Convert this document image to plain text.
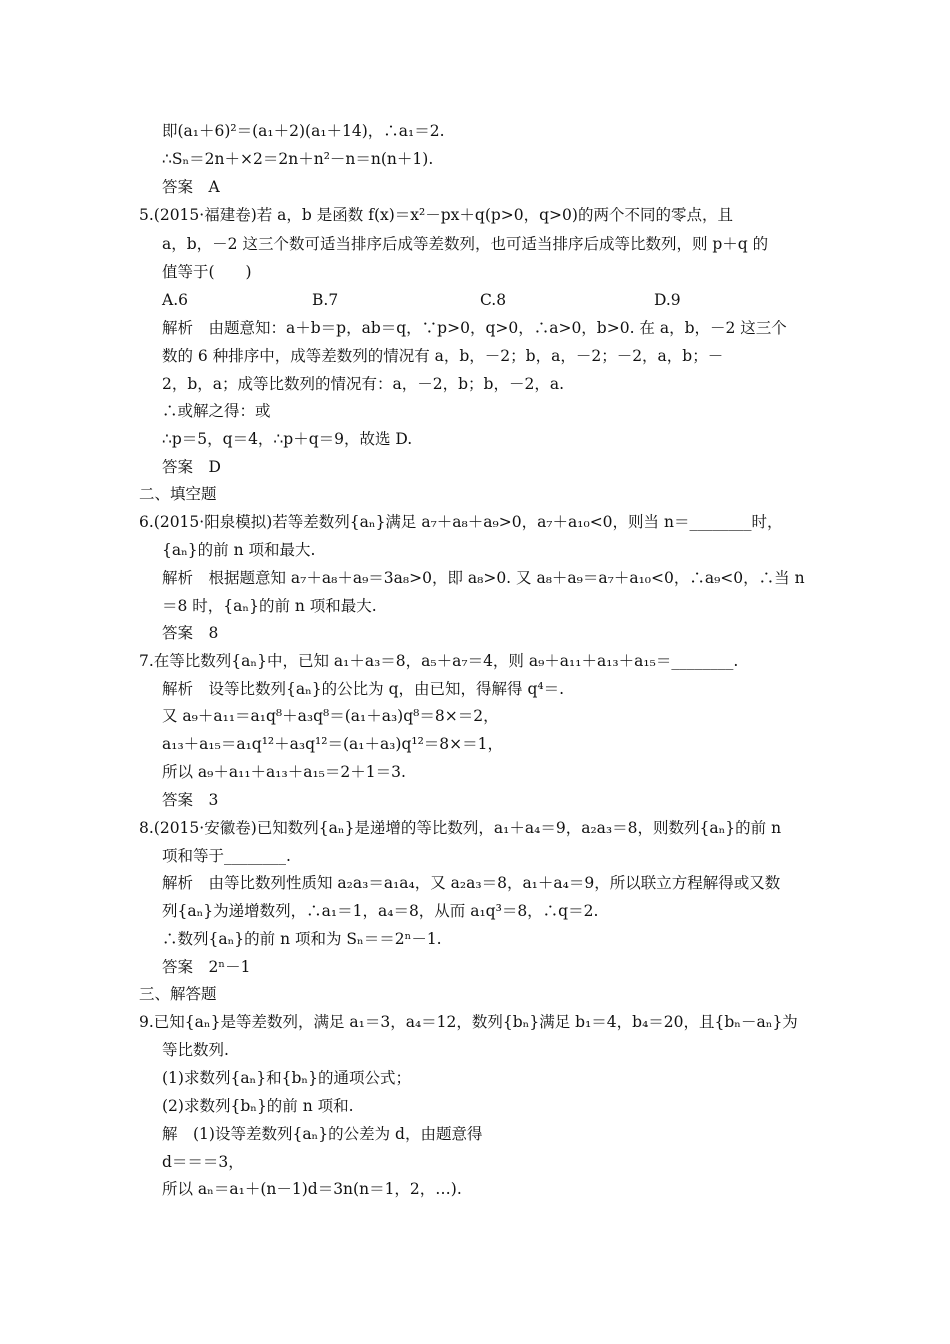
即(a₁＋6)²＝(a₁＋2)(a₁＋14)，∴a₁＝2.
∴Sₙ＝2n＋×2＝2n＋n²－n＝n(n＋1).
答案　A
5.(2015·福建卷)若 a，b 是函数 f(x)＝x²－px＋q(p>0，q>0)的两个不同的零点，且
a，b，－2 这三个数可适当排序后成等差数列，也可适当排序后成等比数列，则 p＋q 的
值等于(　　)
A.6	B.7	C.8	D.9
解析　由题意知：a＋b＝p，ab＝q，∵p>0，q>0，∴a>0，b>0. 在 a，b，－2 这三个
数的 6 种排序中，成等差数列的情况有 a，b，－2；b，a，－2；－2，a，b；－
2，b，a；成等比数列的情况有：a，－2，b；b，－2，a.
∴或解之得：或
∴p＝5，q＝4，∴p＋q＝9，故选 D.
答案　D
二、填空题
6.(2015·阳泉模拟)若等差数列{aₙ}满足 a₇＋a₈＋a₉>0，a₇＋a₁₀<0，则当 n＝________时，
{aₙ}的前 n 项和最大.
解析　根据题意知 a₇＋a₈＋a₉＝3a₈>0，即 a₈>0. 又 a₈＋a₉＝a₇＋a₁₀<0，∴a₉<0，∴当 n
＝8 时，{aₙ}的前 n 项和最大.
答案　8
7.在等比数列{aₙ}中，已知 a₁＋a₃＝8，a₅＋a₇＝4，则 a₉＋a₁₁＋a₁₃＋a₁₅＝________.
解析　设等比数列{aₙ}的公比为 q，由已知，得解得 q⁴＝.
又 a₉＋a₁₁＝a₁q⁸＋a₃q⁸＝(a₁＋a₃)q⁸＝8×＝2，
a₁₃＋a₁₅＝a₁q¹²＋a₃q¹²＝(a₁＋a₃)q¹²＝8×＝1，
所以 a₉＋a₁₁＋a₁₃＋a₁₅＝2＋1＝3.
答案　3
8.(2015·安徽卷)已知数列{aₙ}是递增的等比数列，a₁＋a₄＝9，a₂a₃＝8，则数列{aₙ}的前 n
项和等于________.
解析　由等比数列性质知 a₂a₃＝a₁a₄，又 a₂a₃＝8，a₁＋a₄＝9，所以联立方程解得或又数
列{aₙ}为递增数列，∴a₁＝1，a₄＝8，从而 a₁q³＝8，∴q＝2.
∴数列{aₙ}的前 n 项和为 Sₙ＝＝2ⁿ－1.
答案　2ⁿ－1
三、解答题
9.已知{aₙ}是等差数列，满足 a₁＝3，a₄＝12，数列{bₙ}满足 b₁＝4，b₄＝20，且{bₙ－aₙ}为
等比数列.
(1)求数列{aₙ}和{bₙ}的通项公式；
(2)求数列{bₙ}的前 n 项和.
解　(1)设等差数列{aₙ}的公差为 d，由题意得
d＝＝＝3，
所以 aₙ＝a₁＋(n－1)d＝3n(n＝1，2，…).
